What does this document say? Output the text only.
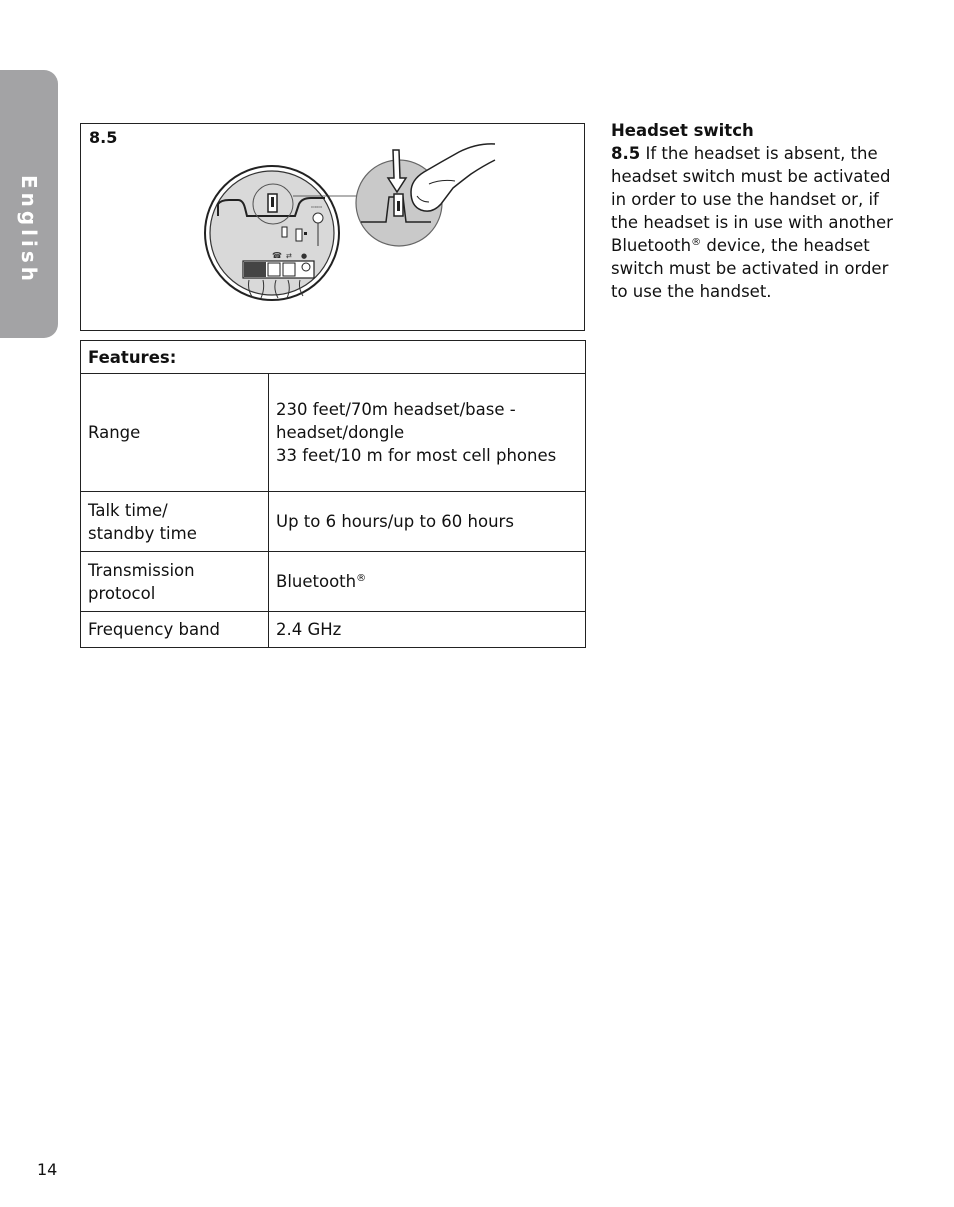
English
8.5
▭▭▭
☎ ⇄ ●
Features:	
Range	230 feet/70m headset/base -
headset/dongle
33 feet/10 m for most cell phones
Talk time/
standby time	Up to 6 hours/up to 60 hours
Transmission
protocol	Bluetooth®
Frequency band	2.4 GHz
Headset switch
8.5 If the headset is absent, the headset switch must be activated in order to use the handset or, if the headset is in use with another Bluetooth® device, the headset switch must be activated in order to use the handset.
14
